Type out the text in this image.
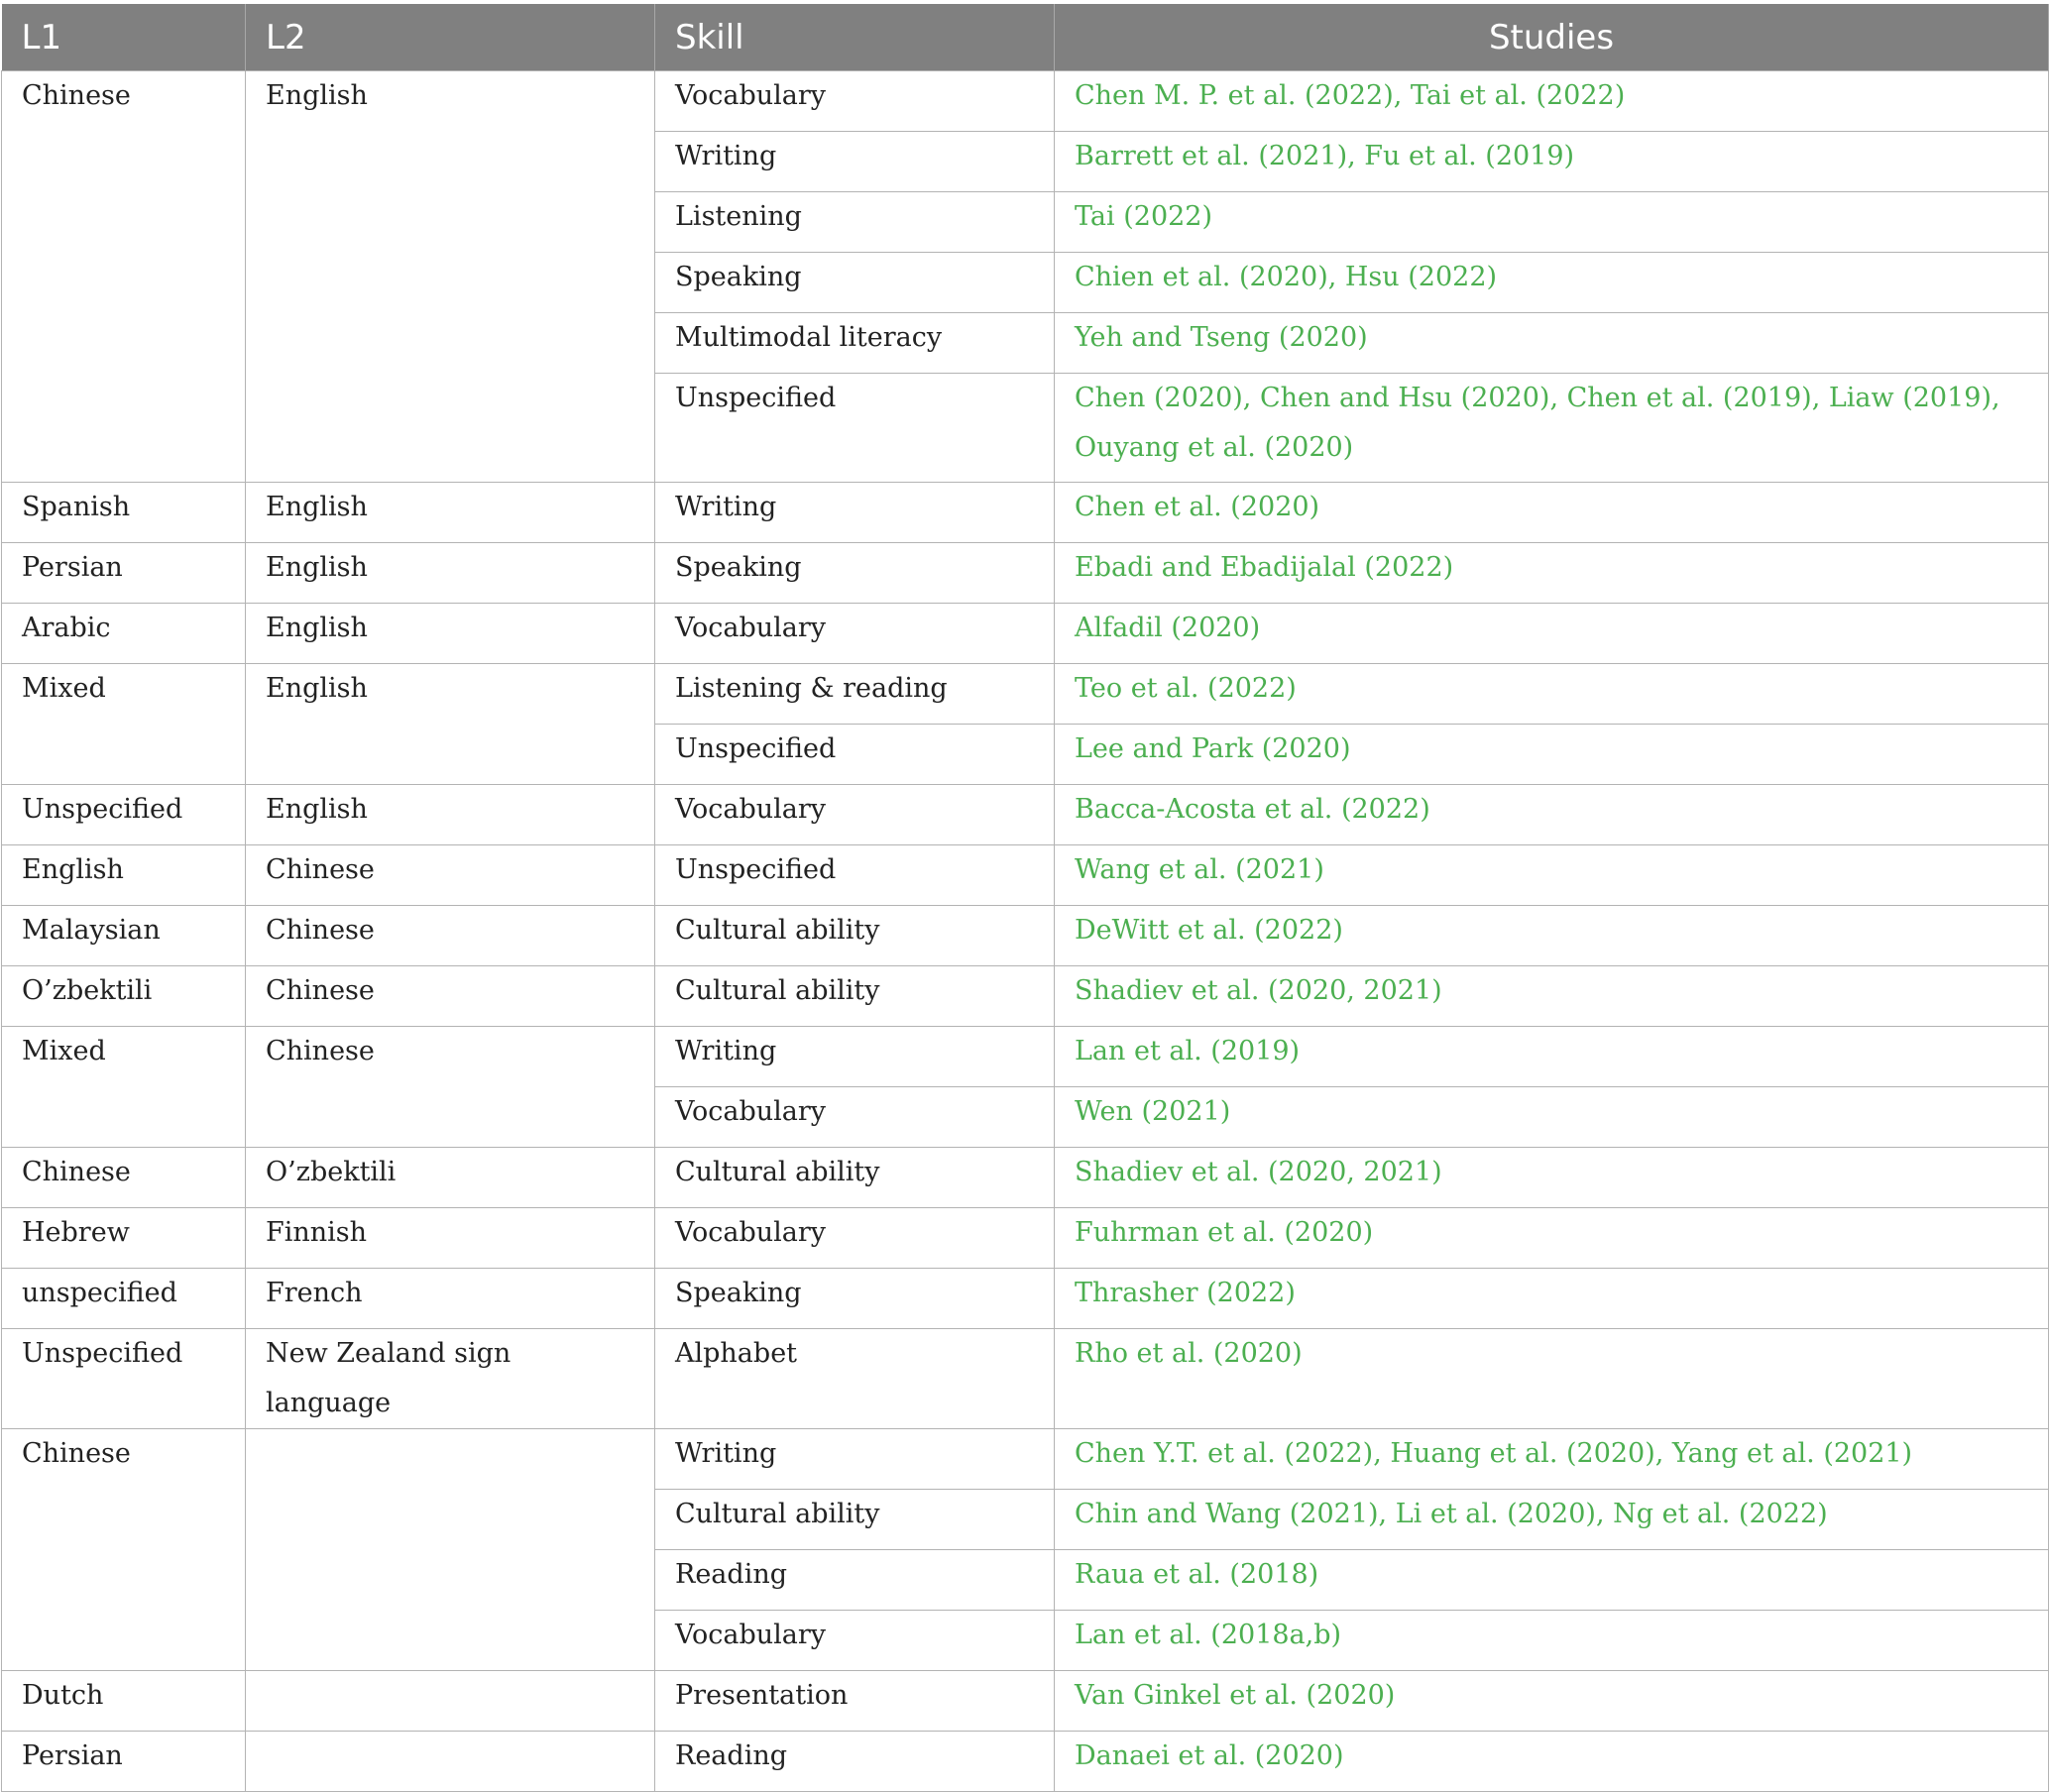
L1	L2	Skill	Studies
Chinese	English	Vocabulary	Chen M. P. et al. (2022), Tai et al. (2022)
		Writing	Barrett et al. (2021), Fu et al. (2019)
		Listening	Tai (2022)
		Speaking	Chien et al. (2020), Hsu (2022)
		Multimodal literacy	Yeh and Tseng (2020)
		Unspecified	Chen (2020), Chen and Hsu (2020), Chen et al. (2019), Liaw (2019), Ouyang et al. (2020)
Spanish	English	Writing	Chen et al. (2020)
Persian	English	Speaking	Ebadi and Ebadijalal (2022)
Arabic	English	Vocabulary	Alfadil (2020)
Mixed	English	Listening & reading	Teo et al. (2022)
		Unspecified	Lee and Park (2020)
Unspecified	English	Vocabulary	Bacca-Acosta et al. (2022)
English	Chinese	Unspecified	Wang et al. (2021)
Malaysian	Chinese	Cultural ability	DeWitt et al. (2022)
O’zbektili	Chinese	Cultural ability	Shadiev et al. (2020, 2021)
Mixed	Chinese	Writing	Lan et al. (2019)
		Vocabulary	Wen (2021)
Chinese	O’zbektili	Cultural ability	Shadiev et al. (2020, 2021)
Hebrew	Finnish	Vocabulary	Fuhrman et al. (2020)
unspecified	French	Speaking	Thrasher (2022)
Unspecified	New Zealand sign language	Alphabet	Rho et al. (2020)
Chinese		Writing	Chen Y.T. et al. (2022), Huang et al. (2020), Yang et al. (2021)
		Cultural ability	Chin and Wang (2021), Li et al. (2020), Ng et al. (2022)
		Reading	Raua et al. (2018)
		Vocabulary	Lan et al. (2018a,b)
Dutch		Presentation	Van Ginkel et al. (2020)
Persian		Reading	Danaei et al. (2020)
